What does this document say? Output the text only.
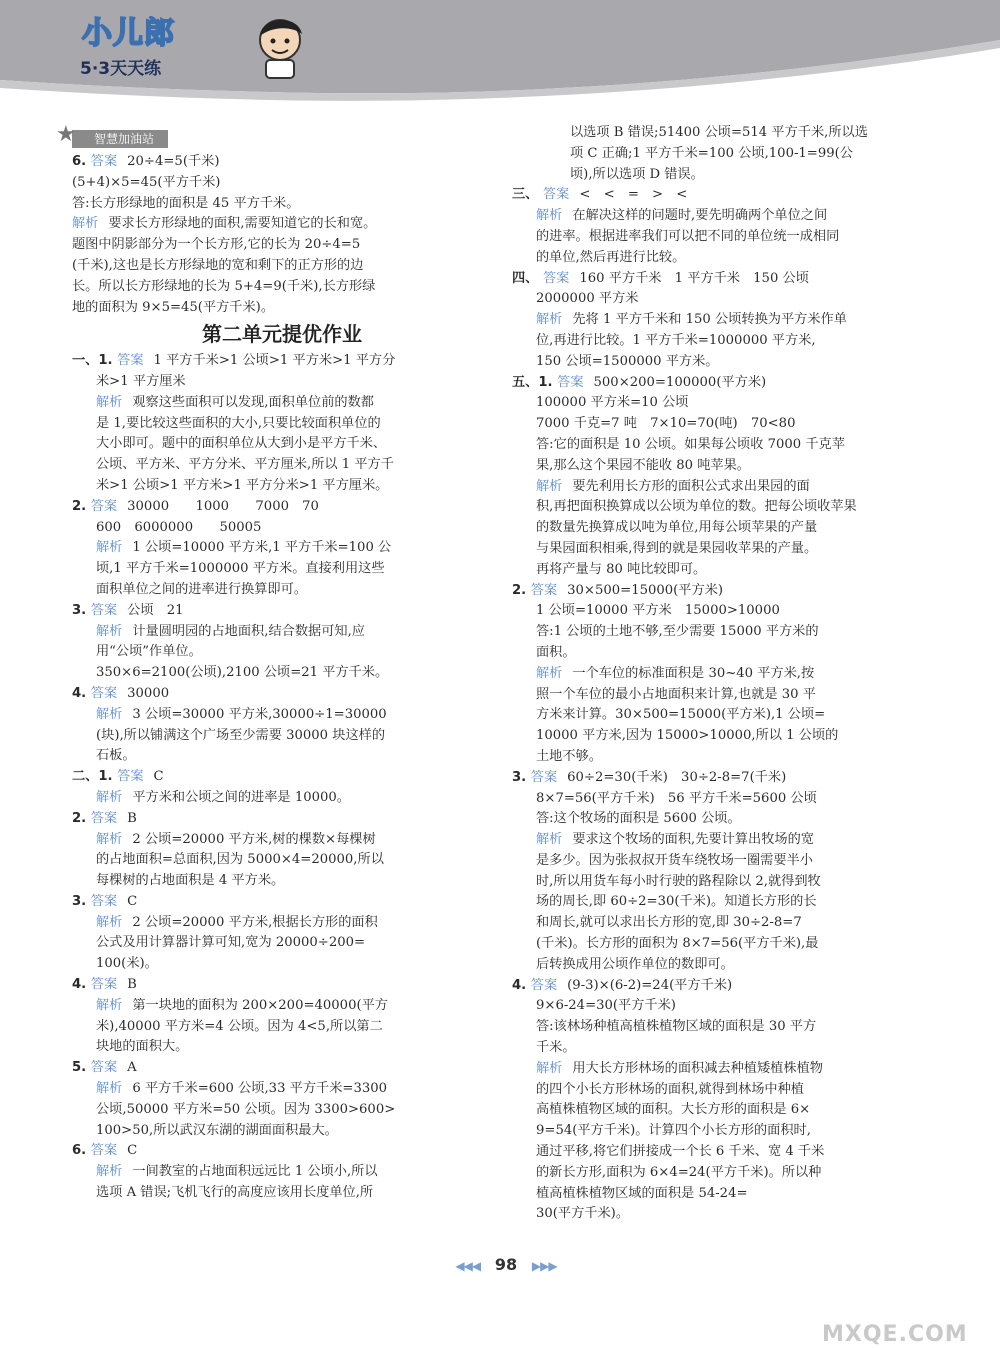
小儿郎
5·3天天练
★ 智慧加油站

6. 答案 20÷4=5(千米)

(5+4)×5=45(平方千米)

答:长方形绿地的面积是 45 平方千米。

解析 要求长方形绿地的面积,需要知道它的长和宽。

题图中阴影部分为一个长方形,它的长为 20÷4=5

(千米),这也是长方形绿地的宽和剩下的正方形的边

长。所以长方形绿地的长为 5+4=9(千米),长方形绿

地的面积为 9×5=45(平方千米)。

第二单元提优作业

一、1. 答案 1 平方千米>1 公顷>1 平方米>1 平方分

米>1 平方厘米

解析 观察这些面积可以发现,面积单位前的数都

是 1,要比较这些面积的大小,只要比较面积单位的

大小即可。题中的面积单位从大到小是平方千米、

公顷、平方米、平方分米、平方厘米,所以 1 平方千

米>1 公顷>1 平方米>1 平方分米>1 平方厘米。

2. 答案 30000　　1000　　7000　70

600　6000000　　50005

解析 1 公顷=10000 平方米,1 平方千米=100 公

顷,1 平方千米=1000000 平方米。直接利用这些

面积单位之间的进率进行换算即可。

3. 答案 公顷　21

解析 计量圆明园的占地面积,结合数据可知,应

用“公顷”作单位。

350×6=2100(公顷),2100 公顷=21 平方千米。

4. 答案 30000

解析 3 公顷=30000 平方米,30000÷1=30000

(块),所以铺满这个广场至少需要 30000 块这样的

石板。

二、1. 答案 C

解析 平方米和公顷之间的进率是 10000。

2. 答案 B

解析 2 公顷=20000 平方米,树的棵数×每棵树

的占地面积=总面积,因为 5000×4=20000,所以

每棵树的占地面积是 4 平方米。

3. 答案 C

解析 2 公顷=20000 平方米,根据长方形的面积

公式及用计算器计算可知,宽为 20000÷200=

100(米)。

4. 答案 B

解析 第一块地的面积为 200×200=40000(平方

米),40000 平方米=4 公顷。因为 4<5,所以第二

块地的面积大。

5. 答案 A

解析 6 平方千米=600 公顷,33 平方千米=3300

公顷,50000 平方米=50 公顷。因为 3300>600>

100>50,所以武汉东湖的湖面面积最大。

6. 答案 C

解析 一间教室的占地面积远远比 1 公顷小,所以

选项 A 错误;飞机飞行的高度应该用长度单位,所

以选项 B 错误;51400 公顷=514 平方千米,所以选

项 C 正确;1 平方千米=100 公顷,100-1=99(公

顷),所以选项 D 错误。

三、 答案 <　<　=　>　<

解析 在解决这样的问题时,要先明确两个单位之间

的进率。根据进率我们可以把不同的单位统一成相同

的单位,然后再进行比较。

四、 答案 160 平方千米　1 平方千米　150 公顷

2000000 平方米

解析 先将 1 平方千米和 150 公顷转换为平方米作单

位,再进行比较。1 平方千米=1000000 平方米,

150 公顷=1500000 平方米。

五、1. 答案 500×200=100000(平方米)

100000 平方米=10 公顷

7000 千克=7 吨　7×10=70(吨)　70<80

答:它的面积是 10 公顷。如果每公顷收 7000 千克苹

果,那么这个果园不能收 80 吨苹果。

解析 要先利用长方形的面积公式求出果园的面

积,再把面积换算成以公顷为单位的数。把每公顷收苹果

的数量先换算成以吨为单位,用每公顷苹果的产量

与果园面积相乘,得到的就是果园收苹果的产量。

再将产量与 80 吨比较即可。

2. 答案 30×500=15000(平方米)

1 公顷=10000 平方米　15000>10000

答:1 公顷的土地不够,至少需要 15000 平方米的

面积。

解析 一个车位的标准面积是 30~40 平方米,按

照一个车位的最小占地面积来计算,也就是 30 平

方米来计算。30×500=15000(平方米),1 公顷=

10000 平方米,因为 15000>10000,所以 1 公顷的

土地不够。

3. 答案 60÷2=30(千米)　30÷2-8=7(千米)

8×7=56(平方千米)　56 平方千米=5600 公顷

答:这个牧场的面积是 5600 公顷。

解析 要求这个牧场的面积,先要计算出牧场的宽

是多少。因为张叔叔开货车绕牧场一圈需要半小

时,所以用货车每小时行驶的路程除以 2,就得到牧

场的周长,即 60÷2=30(千米)。知道长方形的长

和周长,就可以求出长方形的宽,即 30÷2-8=7

(千米)。长方形的面积为 8×7=56(平方千米),最

后转换成用公顷作单位的数即可。

4. 答案 (9-3)×(6-2)=24(平方千米)

9×6-24=30(平方千米)

答:该林场种植高植株植物区域的面积是 30 平方

千米。

解析 用大长方形林场的面积减去种植矮植株植物

的四个小长方形林场的面积,就得到林场中种植

高植株植物区域的面积。大长方形的面积是 6×

9=54(平方千米)。计算四个小长方形的面积时,

通过平移,将它们拼接成一个长 6 千米、宽 4 千米

的新长方形,面积为 6×4=24(平方千米)。所以种

植高植株植物区域的面积是 54-24=

30(平方千米)。

◀◀◀ 98 ▶▶▶
MXQE.COM
